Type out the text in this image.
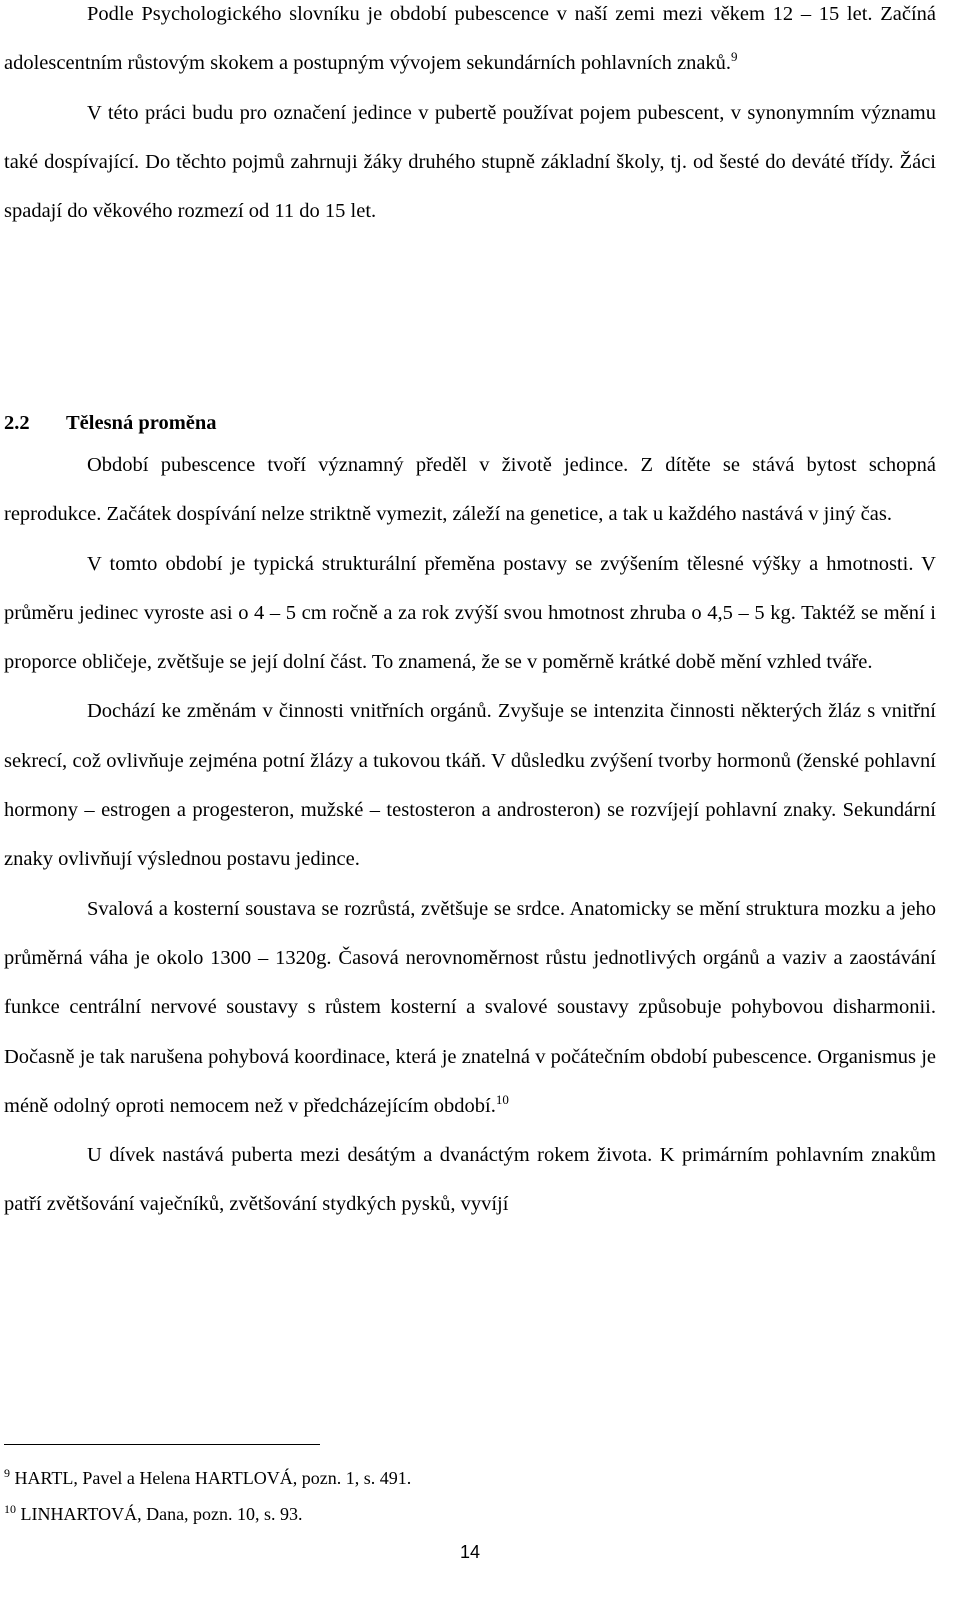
Podle Psychologického slovníku je období pubescence v naší zemi mezi věkem 12 – 15 let. Začíná adolescentním růstovým skokem a postupným vývojem sekundárních pohlavních znaků.$^9$

V této práci budu pro označení jedince v pubertě používat pojem pubescent, v synonymním významu také dospívající. Do těchto pojmů zahrnuji žáky druhého stupně základní školy, tj. od šesté do deváté třídy. Žáci spadají do věkového rozmezí od 11 do 15 let.

2.2 Tělesná proměna

Období pubescence tvoří významný předěl v životě jedince. Z dítěte se stává bytost schopná reprodukce. Začátek dospívání nelze striktně vymezit, záleží na genetice, a tak u každého nastává v jiný čas.

V tomto období je typická strukturální přeměna postavy se zvýšením tělesné výšky a hmotnosti. V průměru jedinec vyroste asi o 4 – 5 cm ročně a za rok zvýší svou hmotnost zhruba o 4,5 – 5 kg. Taktéž se mění i proporce obličeje, zvětšuje se její dolní část. To znamená, že se v poměrně krátké době mění vzhled tváře.

Dochází ke změnám v činnosti vnitřních orgánů. Zvyšuje se intenzita činnosti některých žláz s vnitřní sekrecí, což ovlivňuje zejména potní žlázy a tukovou tkáň. V důsledku zvýšení tvorby hormonů (ženské pohlavní hormony – estrogen a progesteron, mužské – testosteron a androsteron) se rozvíjejí pohlavní znaky. Sekundární znaky ovlivňují výslednou postavu jedince.

Svalová a kosterní soustava se rozrůstá, zvětšuje se srdce. Anatomicky se mění struktura mozku a jeho průměrná váha je okolo 1300 – 1320g. Časová nerovnoměrnost růstu jednotlivých orgánů a vaziv a zaostávání funkce centrální nervové soustavy s růstem kosterní a svalové soustavy způsobuje pohybovou disharmonii. Dočasně je tak narušena pohybová koordinace, která je znatelná v počátečním období pubescence. Organismus je méně odolný oproti nemocem než v předcházejícím období.$^{10}$

U dívek nastává puberta mezi desátým a dvanáctým rokem života. K primárním pohlavním znakům patří zvětšování vaječníků, zvětšování stydkých pysků, vyvíjí

$^9$ HARTL, Pavel a Helena HARTLOVÁ, pozn. 1, s. 491.

$^{10}$ LINHARTOVÁ, Dana, pozn. 10, s. 93.

14
